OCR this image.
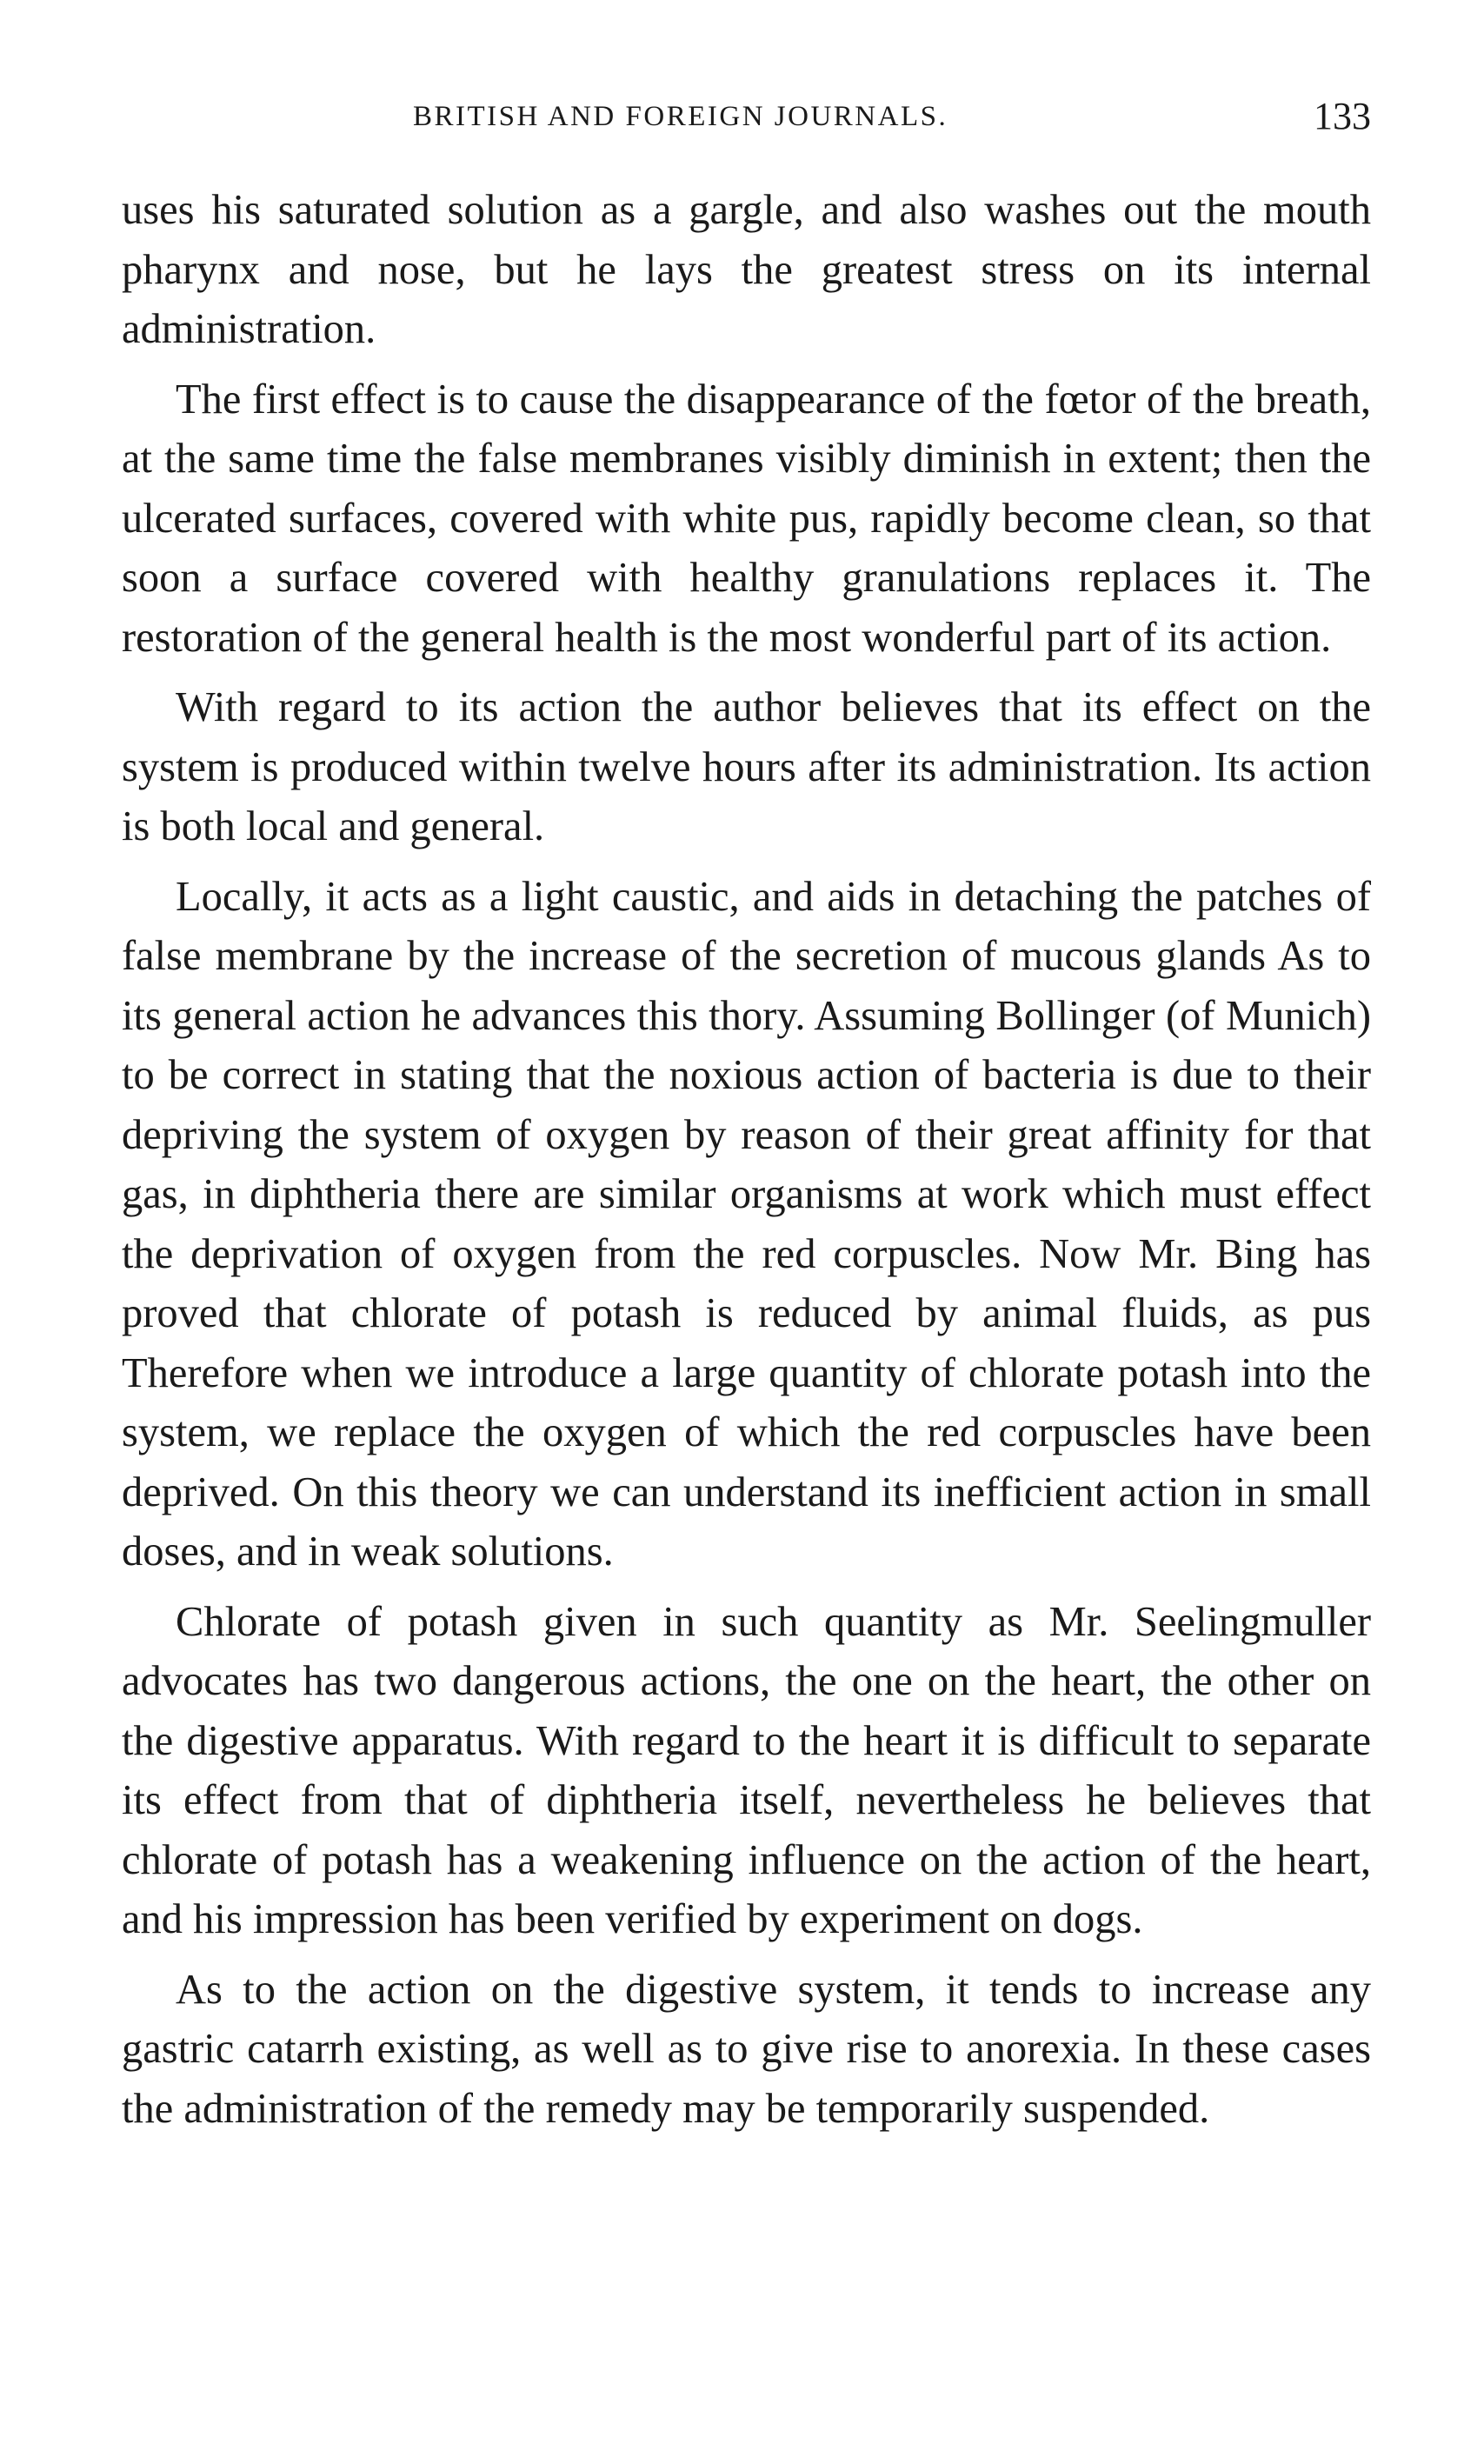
BRITISH AND FOREIGN JOURNALS.	133

uses his saturated solution as a gargle, and also washes out the mouth pharynx and nose, but he lays the greatest stress on its internal administration.

The first effect is to cause the disappearance of the fœtor of the breath, at the same time the false membranes visibly diminish in extent; then the ulcerated surfaces, covered with white pus, rapidly become clean, so that soon a surface covered with healthy granulations replaces it. The restoration of the general health is the most wonderful part of its action.

With regard to its action the author believes that its effect on the system is produced within twelve hours after its administration. Its action is both local and general.

Locally, it acts as a light caustic, and aids in detaching the patches of false membrane by the increase of the secretion of mucous glands As to its general action he advances this thory. Assuming Bollinger (of Munich) to be correct in stating that the noxious action of bacteria is due to their depriving the system of oxygen by reason of their great affinity for that gas, in diphtheria there are similar organisms at work which must effect the deprivation of oxygen from the red corpuscles. Now Mr. Bing has proved that chlorate of potash is reduced by animal fluids, as pus Therefore when we introduce a large quantity of chlorate potash into the system, we replace the oxygen of which the red corpuscles have been deprived. On this theory we can understand its inefficient action in small doses, and in weak solutions.

Chlorate of potash given in such quantity as Mr. Seelingmuller advocates has two dangerous actions, the one on the heart, the other on the digestive apparatus. With regard to the heart it is difficult to separate its effect from that of diphtheria itself, nevertheless he believes that chlorate of potash has a weakening influence on the action of the heart, and his impression has been verified by experiment on dogs.

As to the action on the digestive system, it tends to increase any gastric catarrh existing, as well as to give rise to anorexia. In these cases the administration of the remedy may be temporarily suspended.
